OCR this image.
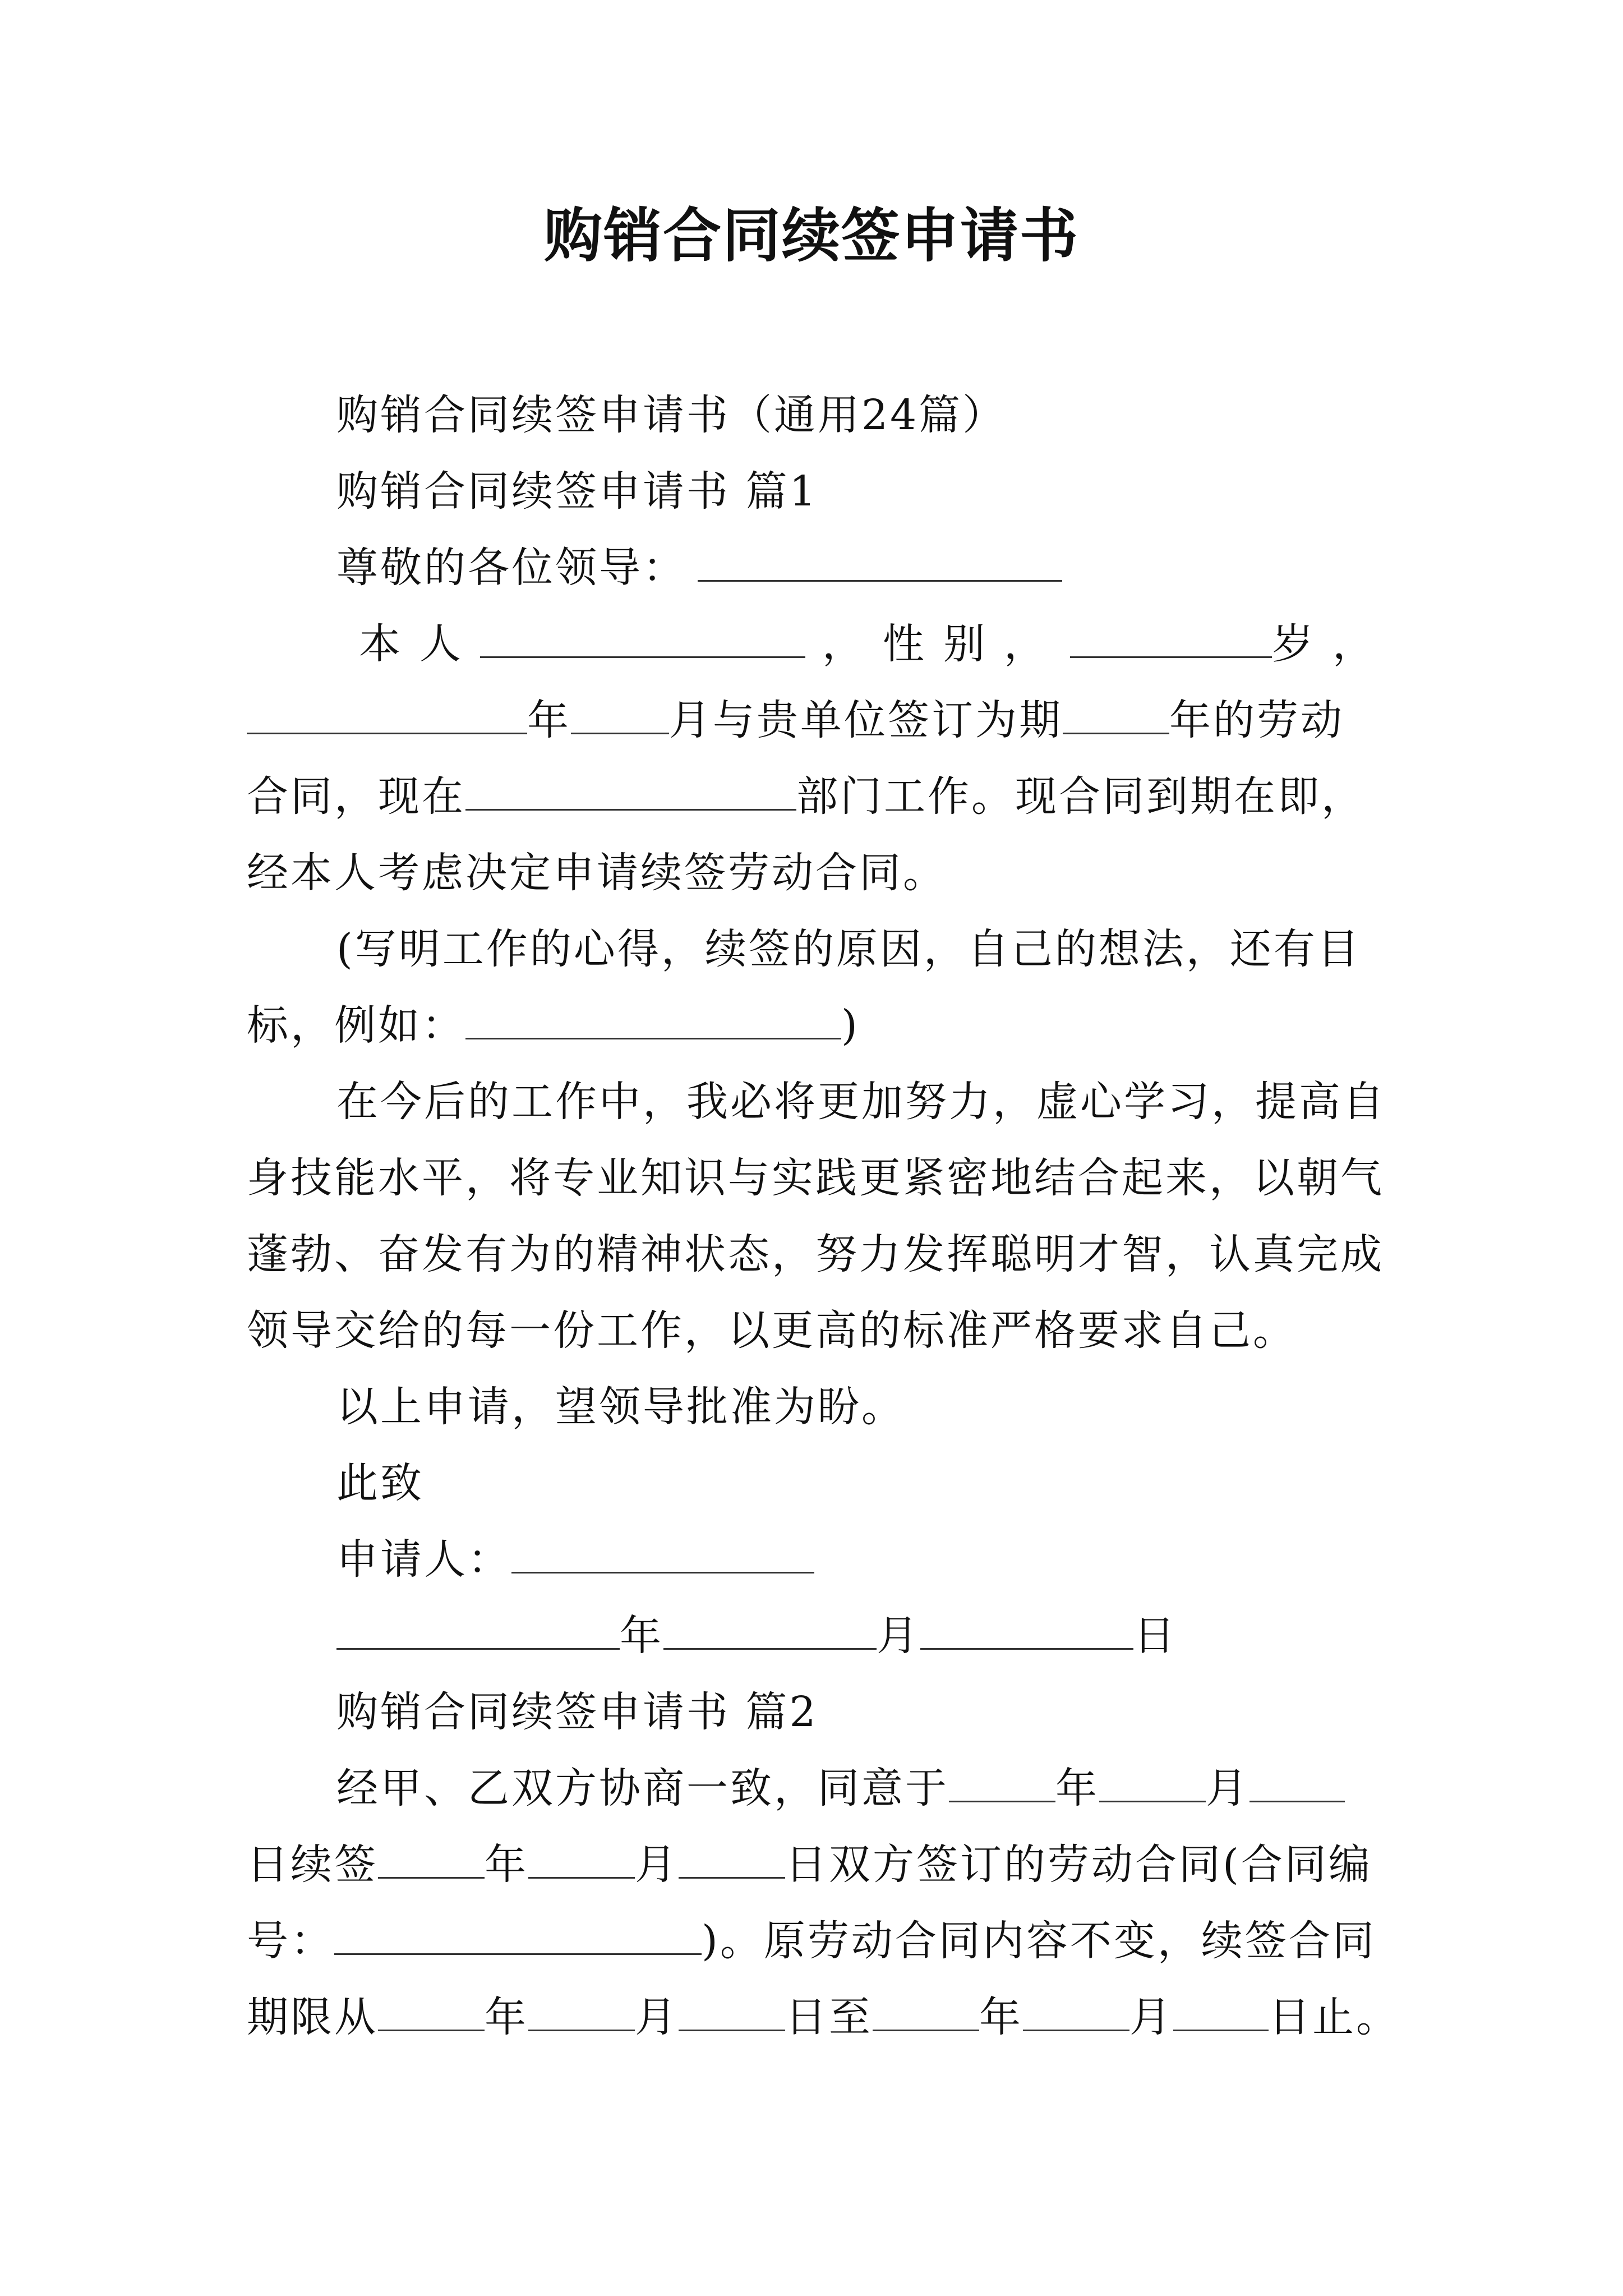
购销合同续签申请书
购销合同续签申请书（通用24篇）
购销合同续签申请书 篇1
尊敬的各位领导：
本人	，性别，	岁，
年 月与贵单位签订为期	年的劳动
合同，现在	部门工作。现合同到期在即，
经本人考虑决定申请续签劳动合同。
(写明工作的心得，续签的原因，自己的想法，还有目
标，例如：	)
在今后的工作中，我必将更加努力，虚心学习，提高自
身技能水平，将专业知识与实践更紧密地结合起来，以朝气
蓬勃、奋发有为的精神状态，努力发挥聪明才智，认真完成
领导交给的每一份工作，以更高的标准严格要求自己。
以上申请，望领导批准为盼。
此致
申请人：
年	月	日
购销合同续签申请书 篇2
经甲、乙双方协商一致，同意于	年	月
日续签	年	月	日双方签订的劳动合同(合同编
号：	)。原劳动合同内容不变，续签合同
期限从	年	月	日至	年	月 日止。
